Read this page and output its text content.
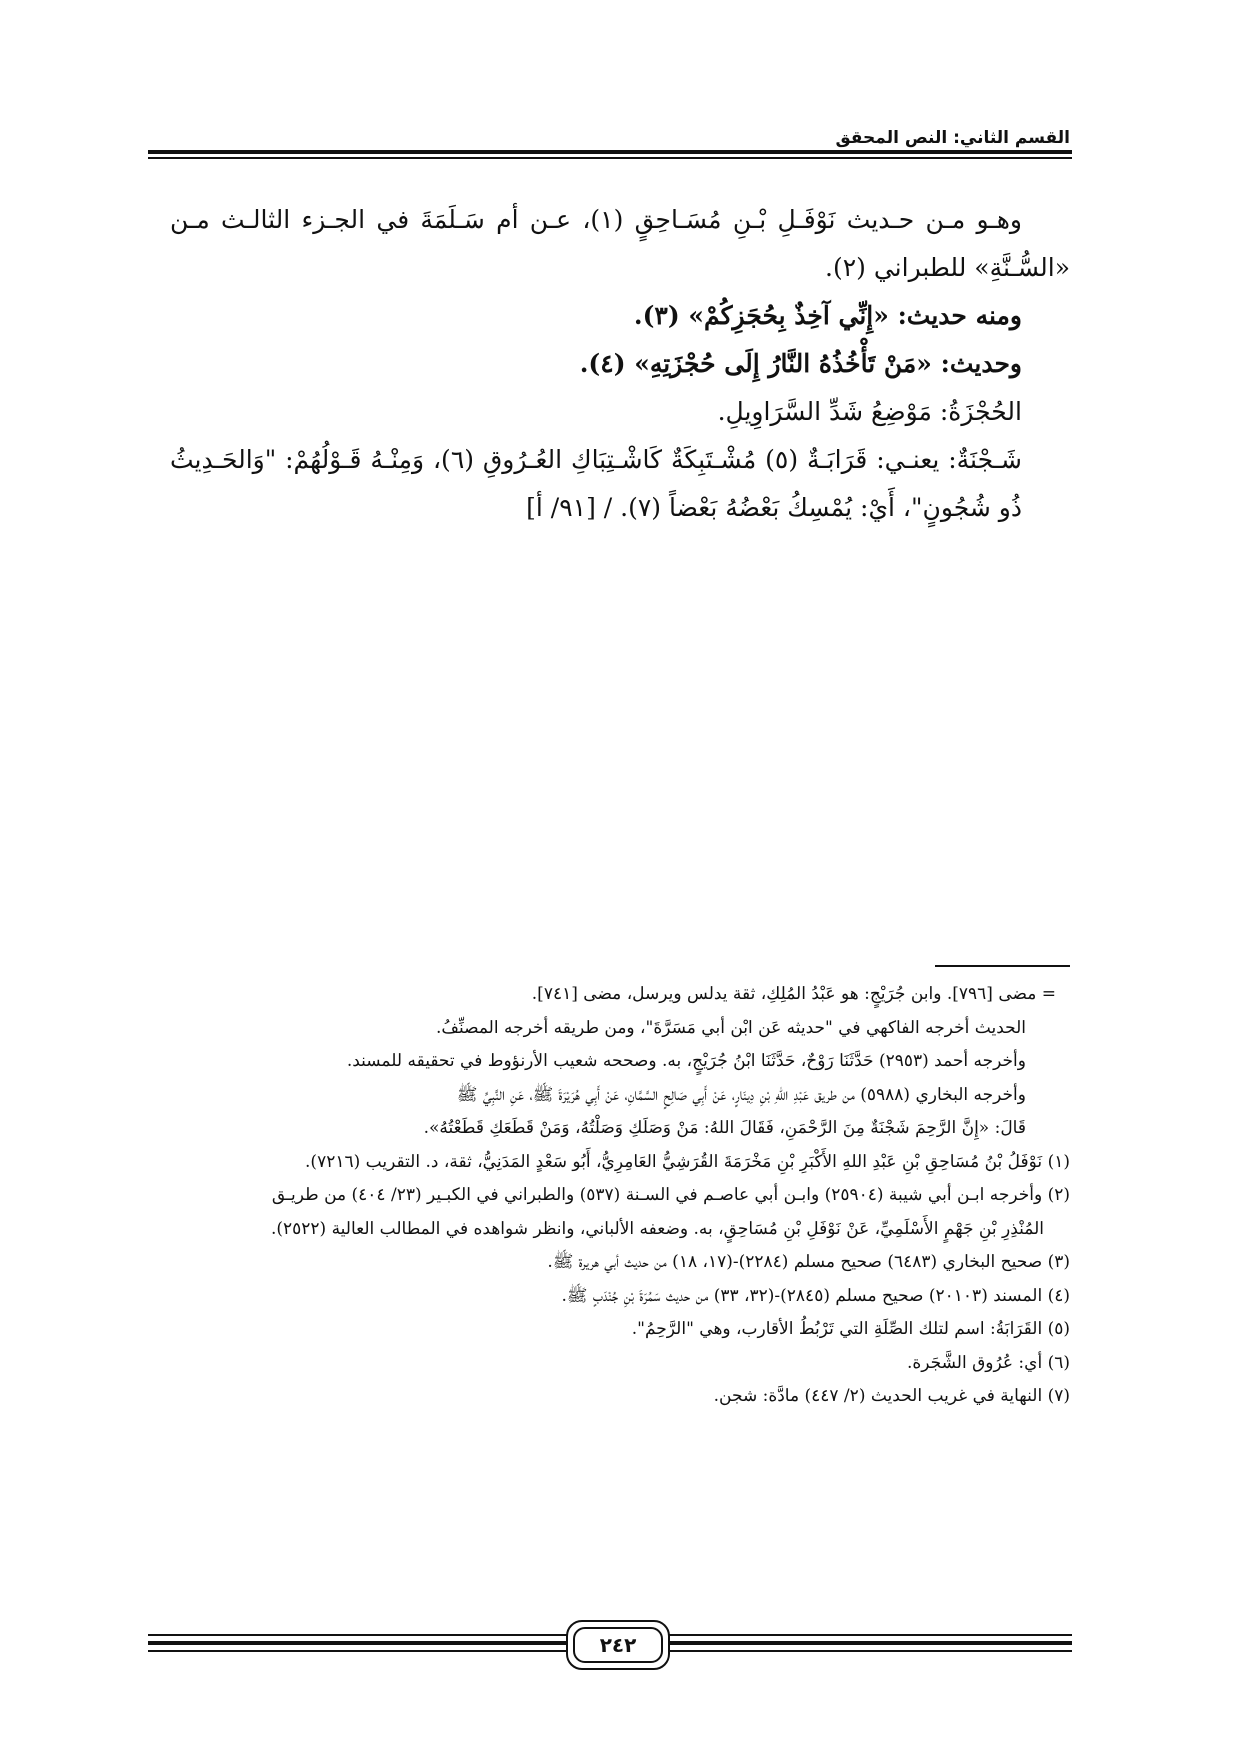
القسم الثاني: النص المحقق

وهـو مـن حـديث نَوْفَـلِ بْـنِ مُسَـاحِقٍ (١)، عـن أم سَـلَمَةَ في الجـزء الثالـث مـن «السُّـنَّةِ» للطبراني (٢).

ومنه حديث: «إِنِّي آخِذٌ بِحُجَزِكُمْ» (٣).

وحديث: «مَنْ تَأْخُذُهُ النَّارُ إِلَى حُجْزَتِهِ» (٤).

الحُجْزَةُ: مَوْضِعُ شَدِّ السَّرَاوِيلِ.

شَـجْنَةٌ: يعنـي: قَرَابَـةٌ (٥) مُشْـتَبِكَةٌ كَاشْـتِبَاكِ العُـرُوقِ (٦)، وَمِنْـهُ قَـوْلُهُمْ: "وَالحَـدِيثُ ذُو شُجُونٍ"، أَيْ: يُمْسِكُ بَعْضُهُ بَعْضاً (٧). / [٩١/ أ]

= مضى [٧٩٦]. وابن جُرَيْجٍ: هو عَبْدُ المُلِكِ، ثقة يدلس ويرسل، مضى [٧٤١].

الحديث أخرجه الفاكهي في "حديثه عَن ابْن أبي مَسَرَّةَ"، ومن طريقه أخرجه المصنِّفُ.

وأخرجه أحمد (٢٩٥٣) حَدَّثَنَا رَوْحٌ، حَدَّثَنَا ابْنُ جُرَيْجٍ، به. وصححه شعيب الأرنؤوط في تحقيقه للمسند.

وأخرجه البخاري (٥٩٨٨) من طريق عَبْدِ اللهِ بْنِ دِينَارٍ، عَنْ أَبِي صَالِحٍ السَّمَّانِ، عَنْ أَبِي هُرَيْرَةَ ﷺ، عَنِ النَّبِيِّ ﷺ

قَالَ: «إِنَّ الرَّحِمَ شَجْنَةٌ مِنَ الرَّحْمَنِ، فَقَالَ اللهُ: مَنْ وَصَلَكِ وَصَلْتُهُ، وَمَنْ قَطَعَكِ قَطَعْتُهُ».

(١) نَوْفَلُ بْنُ مُسَاحِقِ بْنِ عَبْدِ اللهِ الأَكْبَرِ بْنِ مَخْرَمَةَ القُرَشِيُّ العَامِرِيُّ، أَبُو سَعْدٍ المَدَنِيُّ، ثقة، د. التقريب (٧٢١٦).

(٢) وأخرجه ابـن أبي شيبة (٢٥٩٠٤) وابـن أبي عاصـم في السـنة (٥٣٧) والطبراني في الكبـير (٢٣/ ٤٠٤) من طريـق

المُنْذِرِ بْنِ جَهْمٍ الأَسْلَمِيِّ، عَنْ نَوْفَلِ بْنِ مُسَاحِقٍ، به. وضعفه الألباني، وانظر شواهده في المطالب العالية (٢٥٢٢).

(٣) صحيح البخاري (٦٤٨٣) صحيح مسلم (٢٢٨٤)-(١٧، ١٨) من حديث أبي هريرة ﷺ.

(٤) المسند (٢٠١٠٣) صحيح مسلم (٢٨٤٥)-(٣٢، ٣٣) من حديث سَمُرَةَ بْنِ جُنْدَبٍ ﷺ.

(٥) القَرَابَةُ: اسم لتلك الصِّلَةِ التي تَرْبُطُ الأقارب، وهي "الرَّحِمُ".

(٦) أي: عُرُوق الشَّجَرة.

(٧) النهاية في غريب الحديث (٢/ ٤٤٧) مادَّة: شجن.

٢٤٢
